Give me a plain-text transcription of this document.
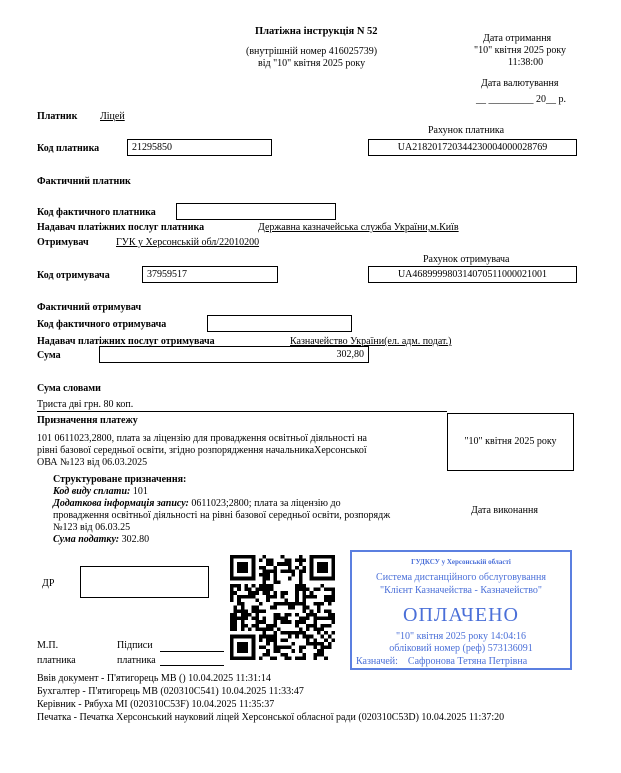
Платіжна інструкція N 52
(внутрішній номер 416025739)
від "10" квітня 2025 року
Дата отримання
"10" квітня 2025 року
11:38:00
Дата валютування
__ _________ 20__ р.
Платник Ліцей
Рахунок платника
Код платника	21295850	UA218201720344230004000028769
Фактичний платник
Код фактичного платника
Надавач платіжних послуг платника	Державна казначейська служба України,м.Київ
Отримувач	ГУК у Херсонській обл/22010200
Рахунок отримувача
Код отримувача	37959517	UA468999980314070511000021001
Фактичний отримувач
Код фактичного отримувача
Надавач платіжних послуг отримувача	Казначейство України(ел. адм. подат.)
Сума	302,80
Сума словами
Триста дві грн. 80 коп.
Призначення платежу
"10" квітня 2025 року
101 0611023,2800, плата за ліцензію для провадження освітньої діяльності на
рівні базової середньої освіти, згідно розпорядження начальникаХерсонської
ОВА №123 від 06.03.2025
Структуроване призначення:
Код виду сплати: 101
Додаткова інформація запису: 0611023;2800; плата за ліцензію до
провадження освітньої діяльності на рівні базової середньої освіти, розпорядж
№123 від 06.03.25
Сума податку: 302.80
Дата виконання
ДР
М.П.
платника
Підписи
платника
ГУДКСУ у Херсонській області
Система дистанційного обслуговування
"Клієнт Казначейства - Казначейство"
ОПЛАЧЕНО
"10" квітня 2025 року 14:04:16
обліковий номер (реф) 573136091
Казначей: Сафронова Тетяна Петрівна
Ввів документ - П'ятигорець МВ () 10.04.2025 11:31:14
Бухгалтер - П'ятигорець МВ (020310С541) 10.04.2025 11:33:47
Керівник - Рябуха МІ (020310С53F) 10.04.2025 11:35:37
Печатка - Печатка Херсонський науковий ліцей Херсонської обласної ради (020310С53D) 10.04.2025 11:37:20
